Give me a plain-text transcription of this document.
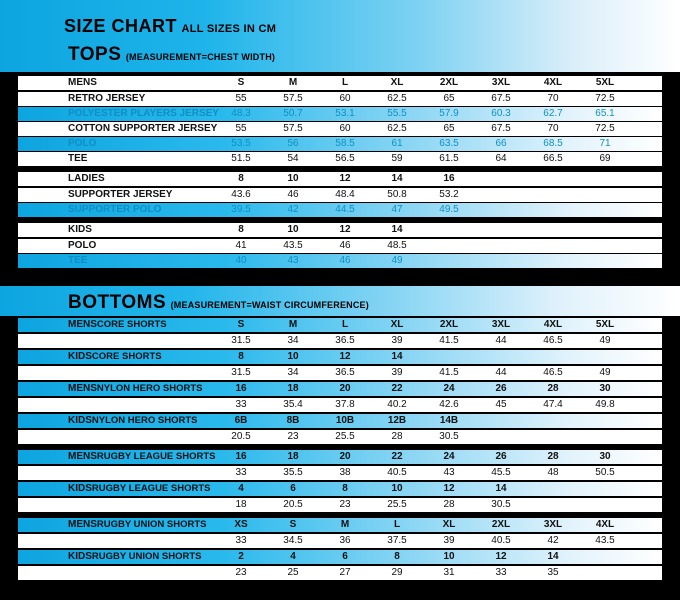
SIZE CHART ALL SIZES IN CM
TOPS (MEASUREMENT=CHEST WIDTH)
MENS	S	M	L	XL	2XL	3XL	4XL	5XL
RETRO JERSEY	55	57.5	60	62.5	65	67.5	70	72.5
POLYESTER PLAYERS JERSEY	48.3	50.7	53.1	55.5	57.9	60.3	62.7	65.1
COTTON SUPPORTER JERSEY	55	57.5	60	62.5	65	67.5	70	72.5
POLO	53.5	56	58.5	61	63.5	66	68.5	71
TEE	51.5	54	56.5	59	61.5	64	66.5	69
LADIES	8	10	12	14	16
SUPPORTER JERSEY	43.6	46	48.4	50.8	53.2
SUPPORTER POLO	39.5	42	44.5	47	49.5
KIDS	8	10	12	14
POLO	41	43.5	46	48.5
TEE	40	43	46	49
BOTTOMS (MEASUREMENT=WAIST CIRCUMFERENCE)
MENSCORE SHORTS	S	M	L	XL	2XL	3XL	4XL	5XL
31.5	34	36.5	39	41.5	44	46.5	49
KIDSCORE SHORTS	8	10	12	14
31.5	34	36.5	39	41.5	44	46.5	49
MENSNYLON HERO SHORTS	16	18	20	22	24	26	28	30
33	35.4	37.8	40.2	42.6	45	47.4	49.8
KIDSNYLON HERO SHORTS	6B	8B	10B	12B	14B
20.5	23	25.5	28	30.5
MENSRUGBY LEAGUE SHORTS	16	18	20	22	24	26	28	30
33	35.5	38	40.5	43	45.5	48	50.5
KIDSRUGBY LEAGUE SHORTS	4	6	8	10	12	14
18	20.5	23	25.5	28	30.5
MENSRUGBY UNION SHORTS	XS	S	M	L	XL	2XL	3XL	4XL
33	34.5	36	37.5	39	40.5	42	43.5
KIDSRUGBY UNION SHORTS	2	4	6	8	10	12	14
23	25	27	29	31	33	35
